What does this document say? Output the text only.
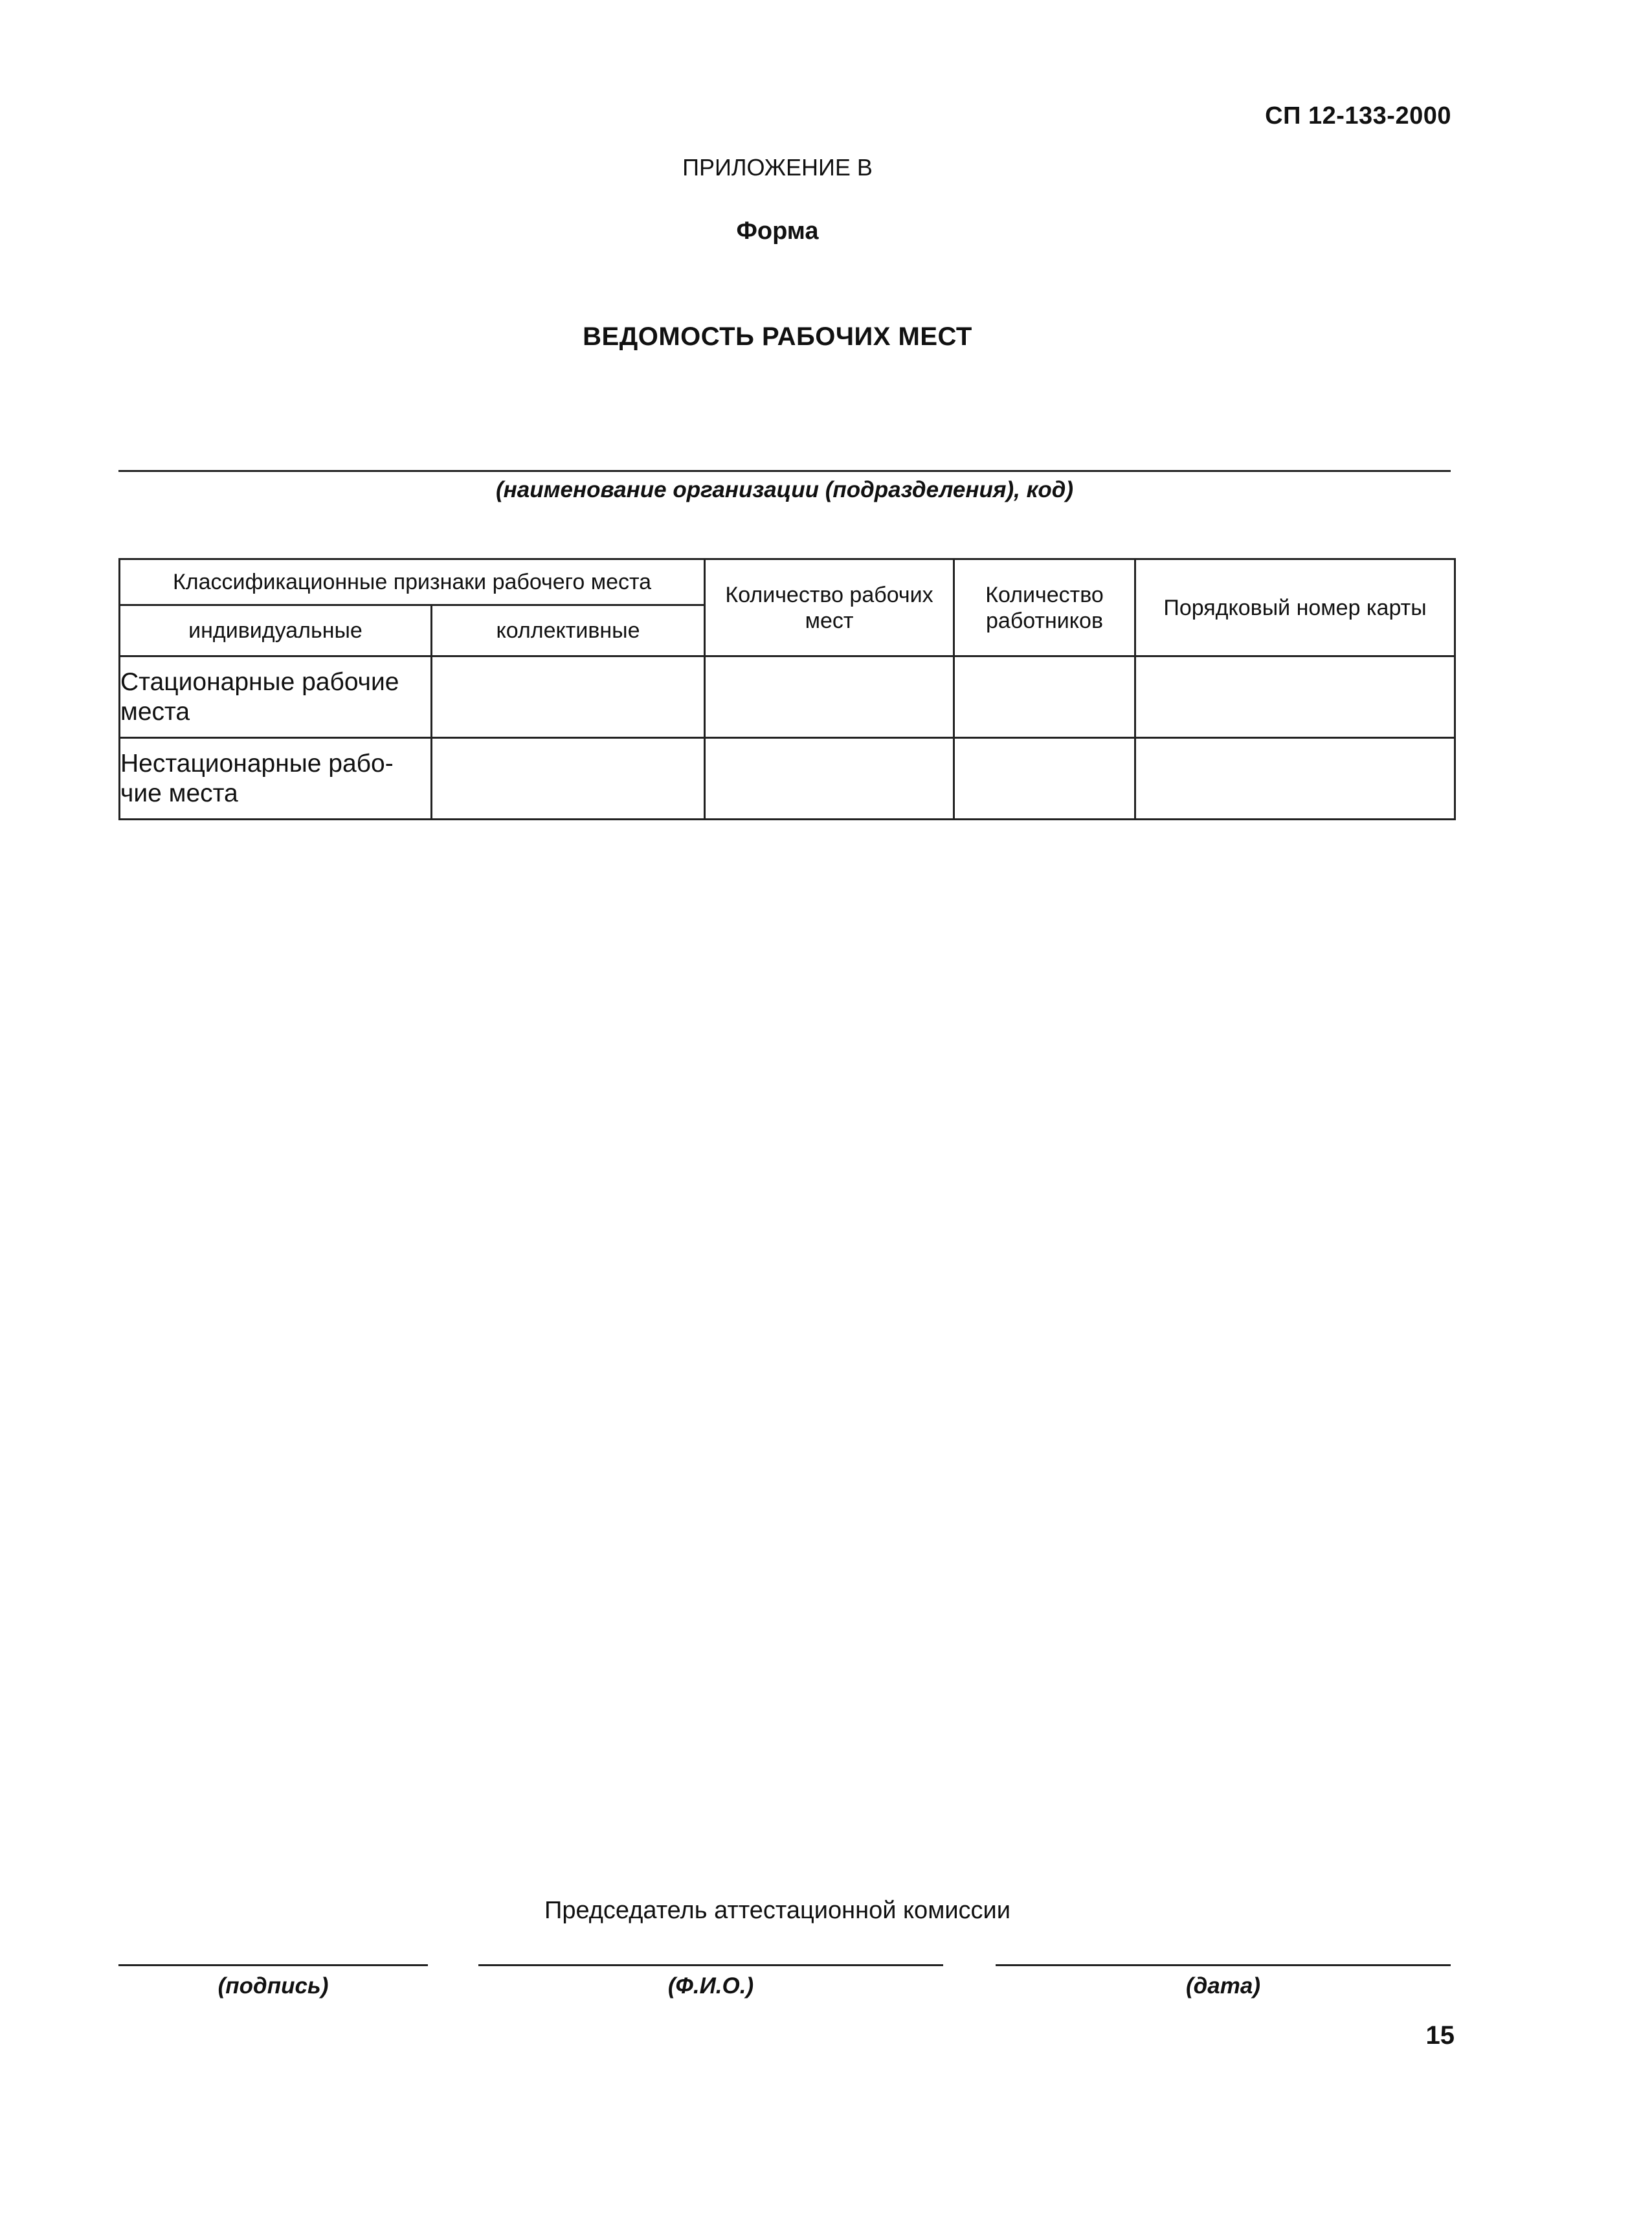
СП 12-133-2000
ПРИЛОЖЕНИЕ В
Форма
ВЕДОМОСТЬ РАБОЧИХ МЕСТ
(наименование организации (подразделения), код)
Классификационные признаки рабочего места		Количество рабочих мест	Количество работников	Порядковый номер карты
индивидуальные	коллективные			
Стационарные рабочие места				
Нестационарные рабо-чие места				
Председатель аттестационной комиссии
(подпись)	(Ф.И.О.)	(дата)
15
